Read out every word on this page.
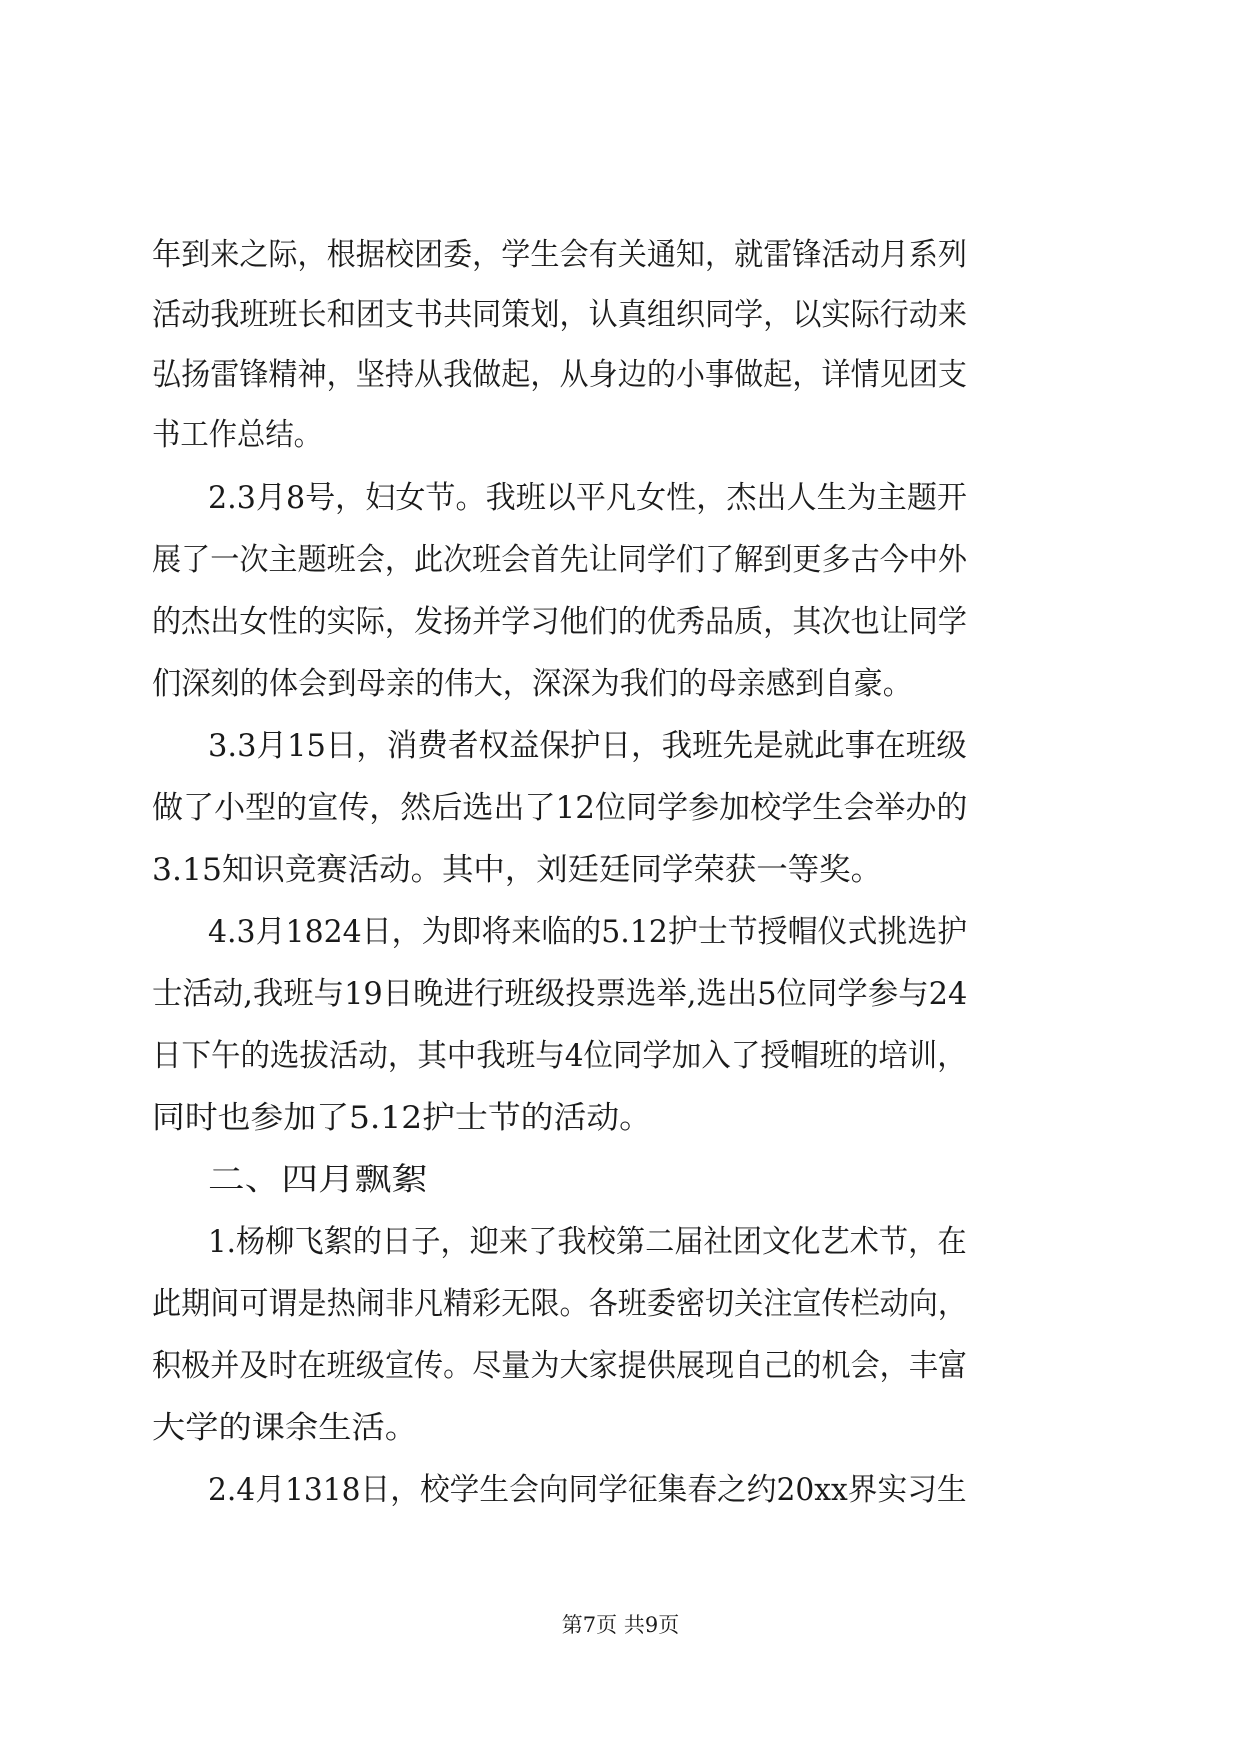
年到来之际，根据校团委，学生会有关通知，就雷锋活动月系列
活动我班班长和团支书共同策划，认真组织同学，以实际行动来
弘扬雷锋精神，坚持从我做起，从身边的小事做起，详情见团支
书工作总结。
2.3月8号，妇女节。我班以平凡女性，杰出人生为主题开
展了一次主题班会，此次班会首先让同学们了解到更多古今中外
的杰出女性的实际，发扬并学习他们的优秀品质，其次也让同学
们深刻的体会到母亲的伟大，深深为我们的母亲感到自豪。
3.3月15日，消费者权益保护日，我班先是就此事在班级
做了小型的宣传，然后选出了12位同学参加校学生会举办的
3.15知识竞赛活动。其中，刘廷廷同学荣获一等奖。
4.3月1824日，为即将来临的5.12护士节授帽仪式挑选护
士活动,我班与19日晚进行班级投票选举,选出5位同学参与24
日下午的选拔活动，其中我班与4位同学加入了授帽班的培训，
同时也参加了5.12护士节的活动。
二、四月飘絮
1.杨柳飞絮的日子，迎来了我校第二届社团文化艺术节，在
此期间可谓是热闹非凡精彩无限。各班委密切关注宣传栏动向，
积极并及时在班级宣传。尽量为大家提供展现自己的机会，丰富
大学的课余生活。
2.4月1318日，校学生会向同学征集春之约20xx界实习生
第7页 共9页
